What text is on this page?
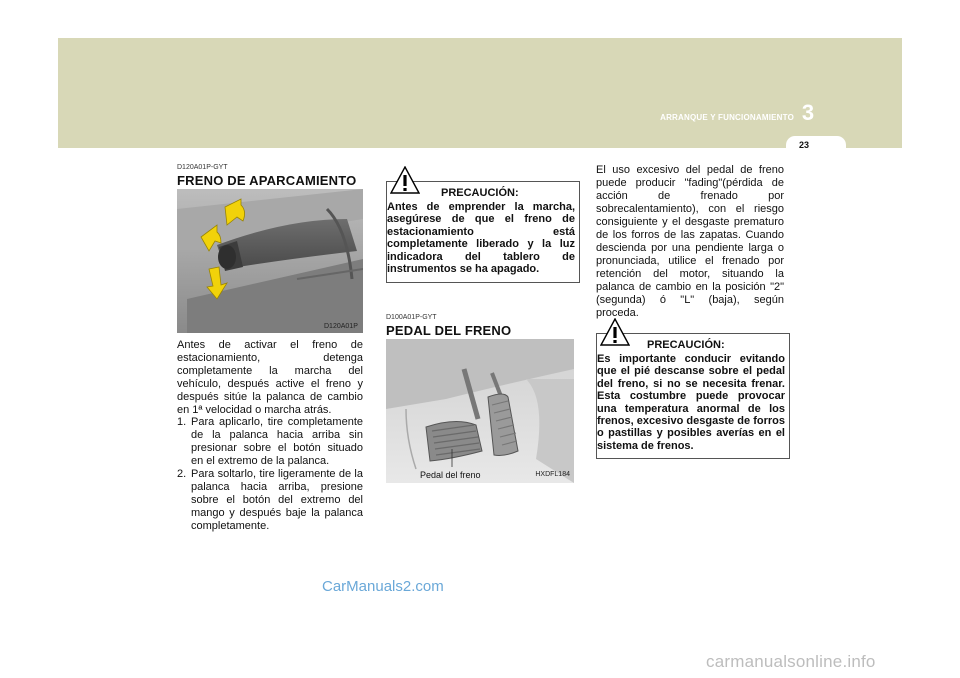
ARRANQUE Y FUNCIONAMIENTO 3
23
D120A01P-GYT
FRENO DE APARCAMIENTO
D120A01P
Antes de activar el freno de estacionamiento, detenga completamente la marcha del vehículo, después active el freno y después sitúe la palanca de cambio en 1ª velocidad o marcha atrás.
1. Para aplicarlo, tire completamente de la palanca hacia arriba sin presionar sobre el botón situado en el extremo de la palanca.
2. Para soltarlo, tire ligeramente de la palanca hacia arriba, presione sobre el botón del extremo del mango y después baje la palanca completamente.
PRECAUCIÓN:
Antes de emprender la marcha, asegúrese de que el freno de estacionamiento está completamente liberado y la luz indicadora del tablero de instrumentos se ha apagado.
D100A01P-GYT
PEDAL DEL FRENO
Pedal del freno	HXDFL184
El uso excesivo del pedal de freno puede producir "fading"(pérdida de acción de frenado por sobrecalentamiento), con el riesgo consiguiente y el desgaste prematuro de los forros de las zapatas. Cuando descienda por una pendiente larga o pronunciada, utilice el frenado por retención del motor, situando la palanca de cambio en la posición "2" (segunda) ó "L" (baja), según proceda.
PRECAUCIÓN:
Es importante conducir evitando que el pié descanse sobre el pedal del freno, si no se necesita frenar. Esta costumbre puede provocar una temperatura anormal de los frenos, excesivo desgaste de forros o pastillas y posibles averías en el sistema de frenos.
CarManuals2.com
carmanualsonline.info
